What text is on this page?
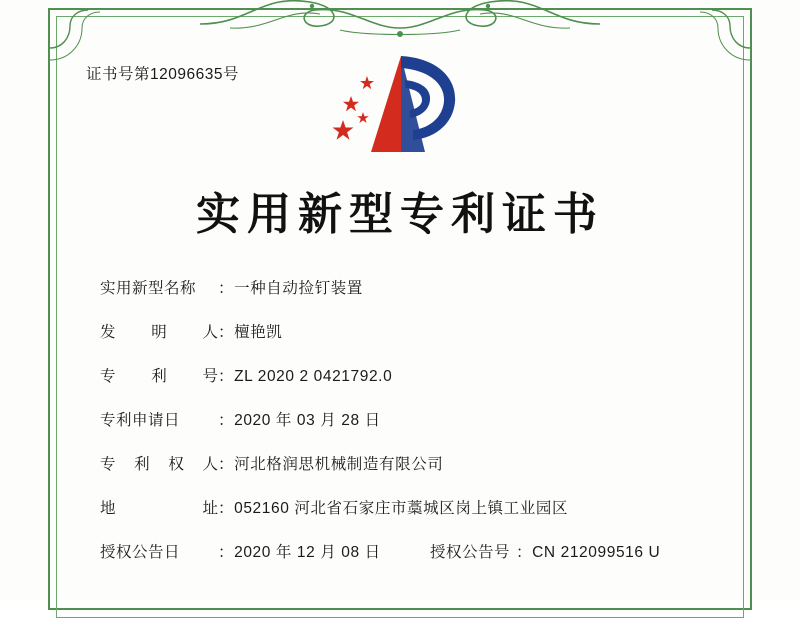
证书号第12096635号
实用新型专利证书
实用新型名称	：一种自动捡钉装置
发 明 人 ：檀艳凯
专 利 号 ：ZL 2020 2 0421792.0
专利申请日	：2020 年 03 月 28 日
专 利 权 人 ：河北格润思机械制造有限公司
地	址 ：052160 河北省石家庄市藁城区岗上镇工业园区
授权公告日	：2020 年 12 月 08 日	授权公告号 ：CN 212099516 U
